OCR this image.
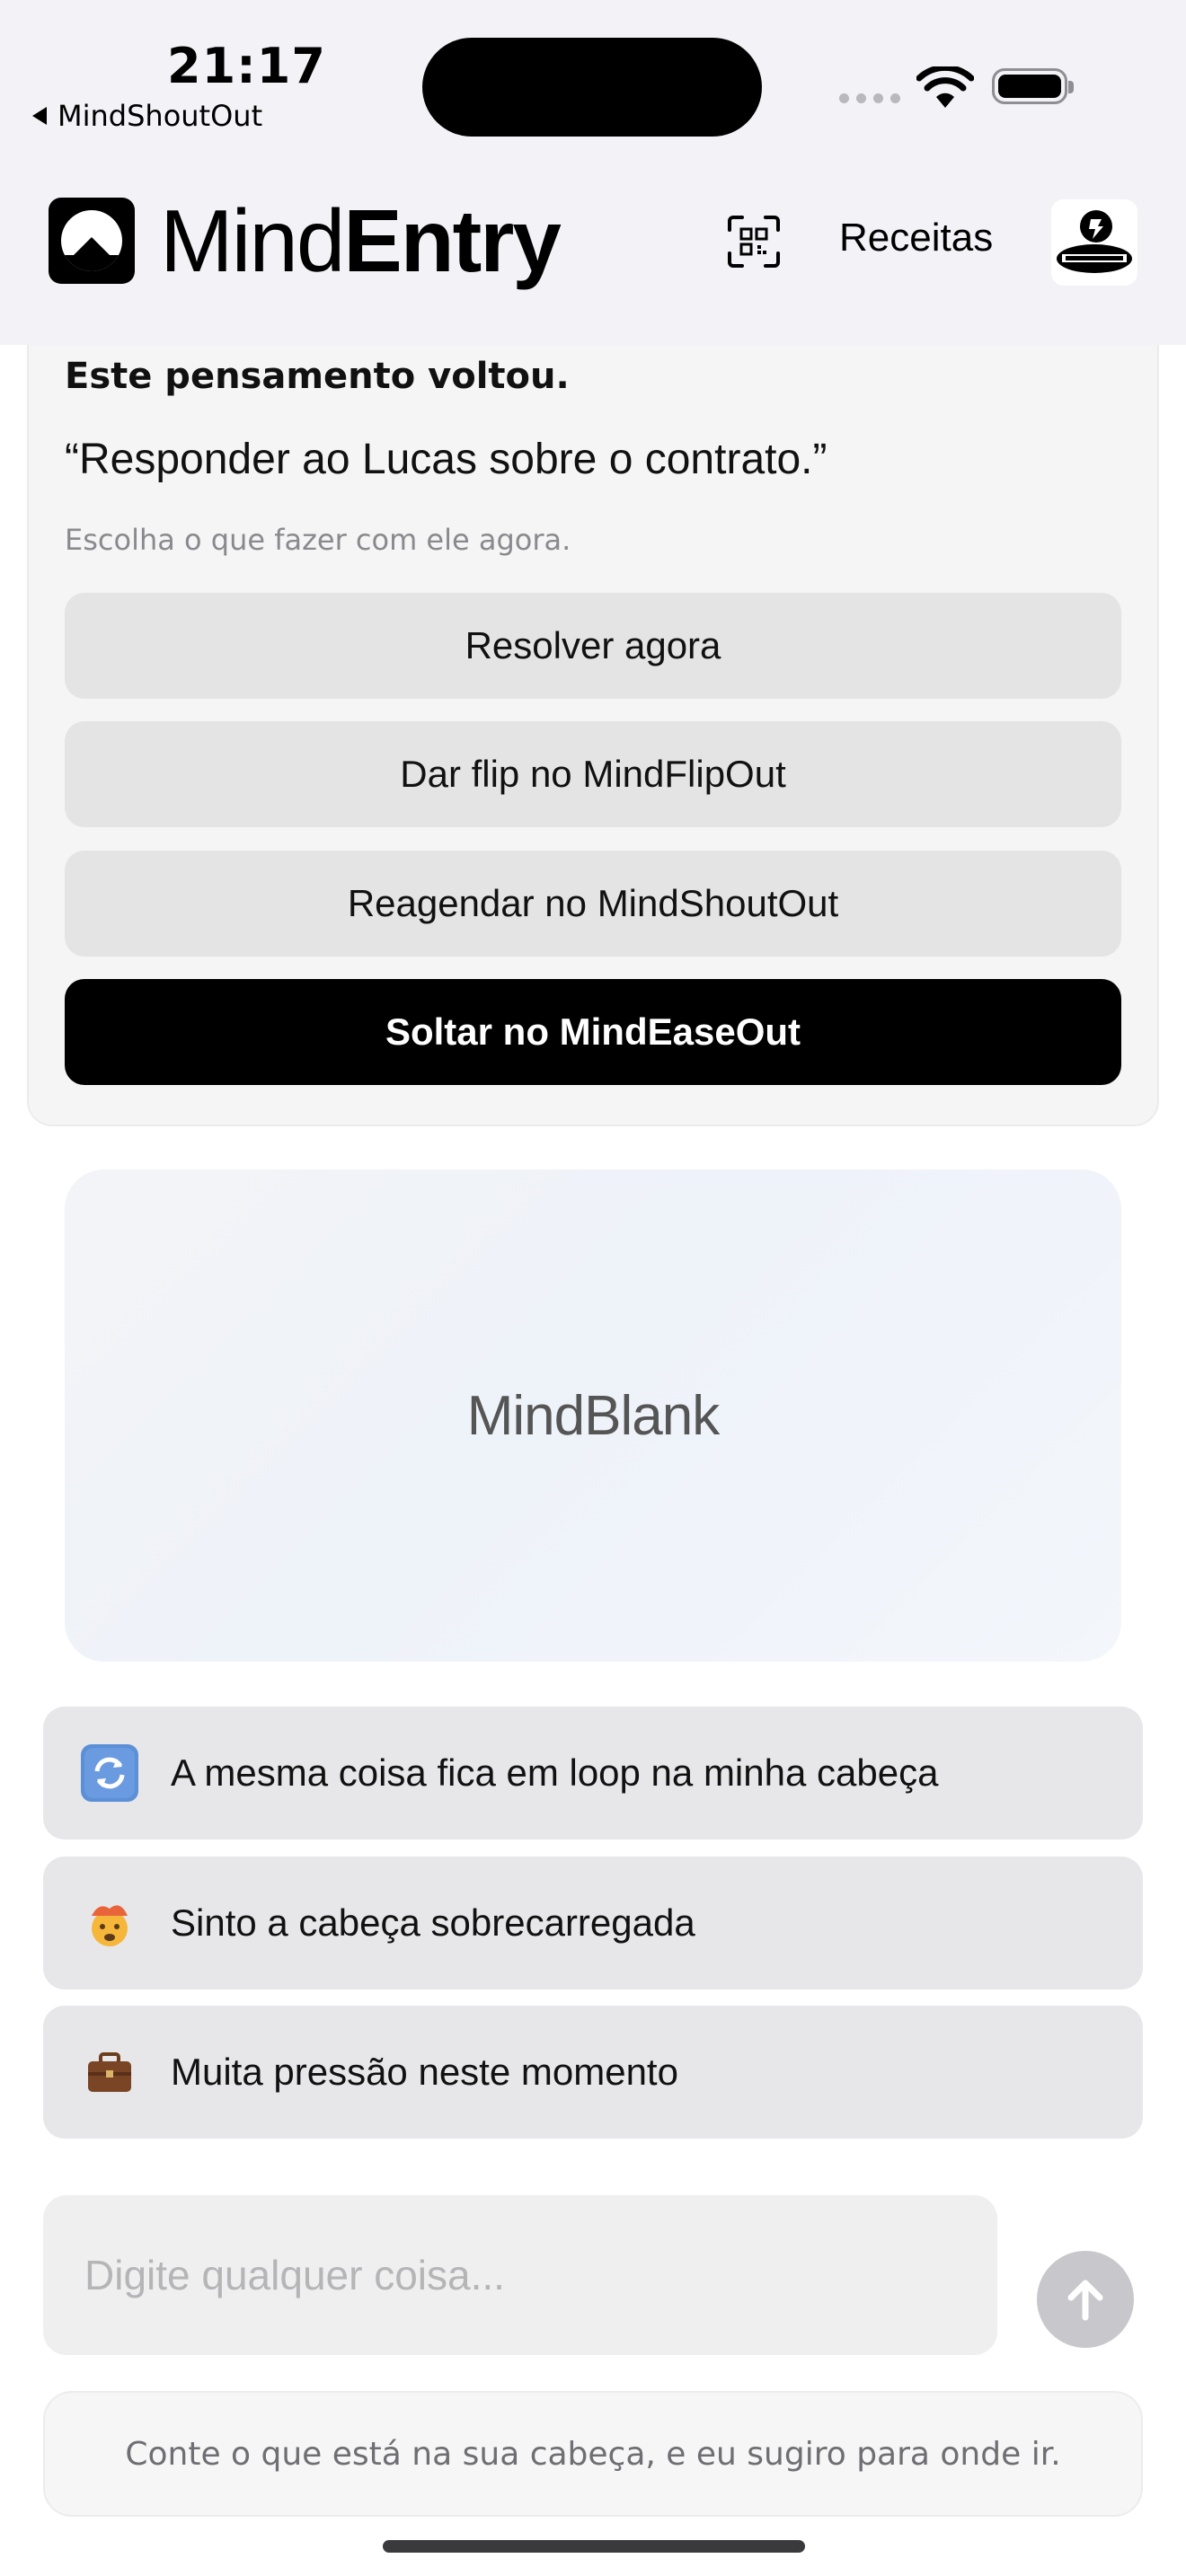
21:17
MindShoutOut
MindEntry	Receitas
Este pensamento voltou.
“Responder ao Lucas sobre o contrato.”
Escolha o que fazer com ele agora.
Resolver agora
Dar flip no MindFlipOut
Reagendar no MindShoutOut
Soltar no MindEaseOut
MindBlank
A mesma coisa fica em loop na minha cabeça
Sinto a cabeça sobrecarregada
Muita pressão neste momento
Digite qualquer coisa...
Conte o que está na sua cabeça, e eu sugiro para onde ir.
